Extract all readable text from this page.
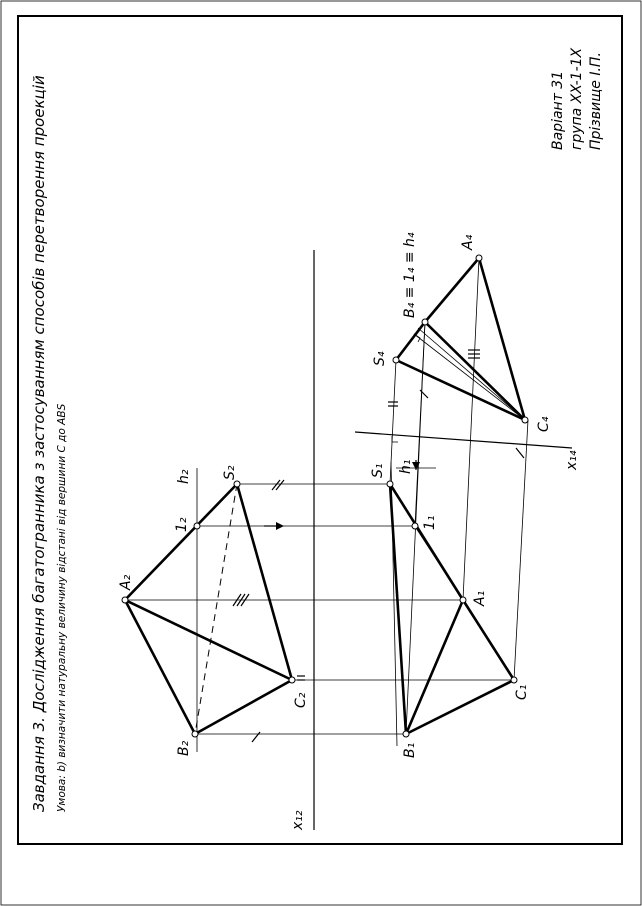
Завдання 3. Дослідження багатогранника з застосуванням способів перетворення проекцій Умова: b) визначити натуральну величину відстані від вершини C до ABS
Варіант 31 група XX-1-1X Прізвище І.П.
A₂
B₂
C₂
S₂
h₂
1₂
A₁
B₁
C₁
S₁ h₁
1₁
A₄
C₄
S₄
B₄ ≡ 1₄ ≡ h₄
x₁₂
x₁₄
